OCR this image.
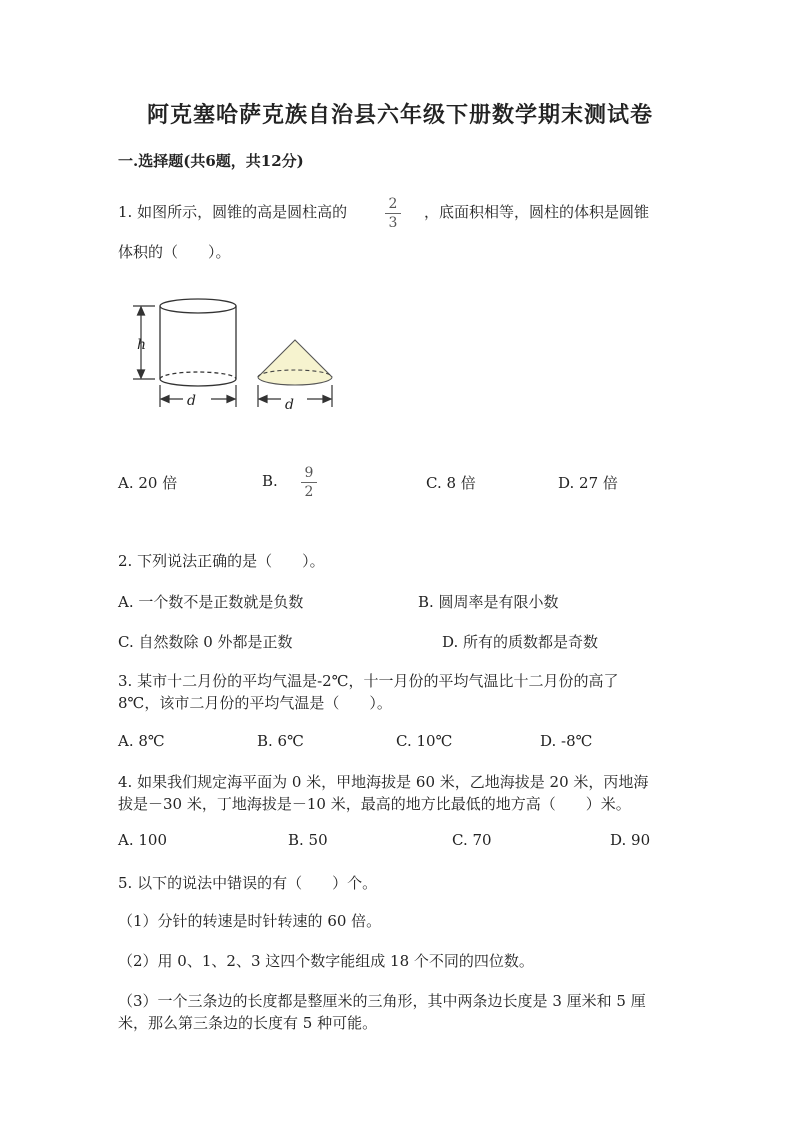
阿克塞哈萨克族自治县六年级下册数学期末测试卷
一.选择题(共6题，共12分)
1. 如图所示，圆锥的高是圆柱高的	2
3
，底面积相等，圆柱的体积是圆锥
体积的（　　）。
h
d	d
A. 20 倍	B.	9
2	C. 8 倍	D. 27 倍
2. 下列说法正确的是（　　）。
A. 一个数不是正数就是负数	B. 圆周率是有限小数
C. 自然数除 0 外都是正数	D. 所有的质数都是奇数
3. 某市十二月份的平均气温是-2℃，十一月份的平均气温比十二月份的高了
8℃，该市二月份的平均气温是（　　）。
A. 8℃	B. 6℃	C. 10℃	D. -8℃
4. 如果我们规定海平面为 0 米，甲地海拔是 60 米，乙地海拔是 20 米，丙地海
拔是－30 米，丁地海拔是－10 米，最高的地方比最低的地方高（　　）米。
A. 100	B. 50	C. 70	D. 90
5. 以下的说法中错误的有（　　）个。
（1）分针的转速是时针转速的 60 倍。
（2）用 0、1、2、3 这四个数字能组成 18 个不同的四位数。
（3）一个三条边的长度都是整厘米的三角形，其中两条边长度是 3 厘米和 5 厘
米，那么第三条边的长度有 5 种可能。
